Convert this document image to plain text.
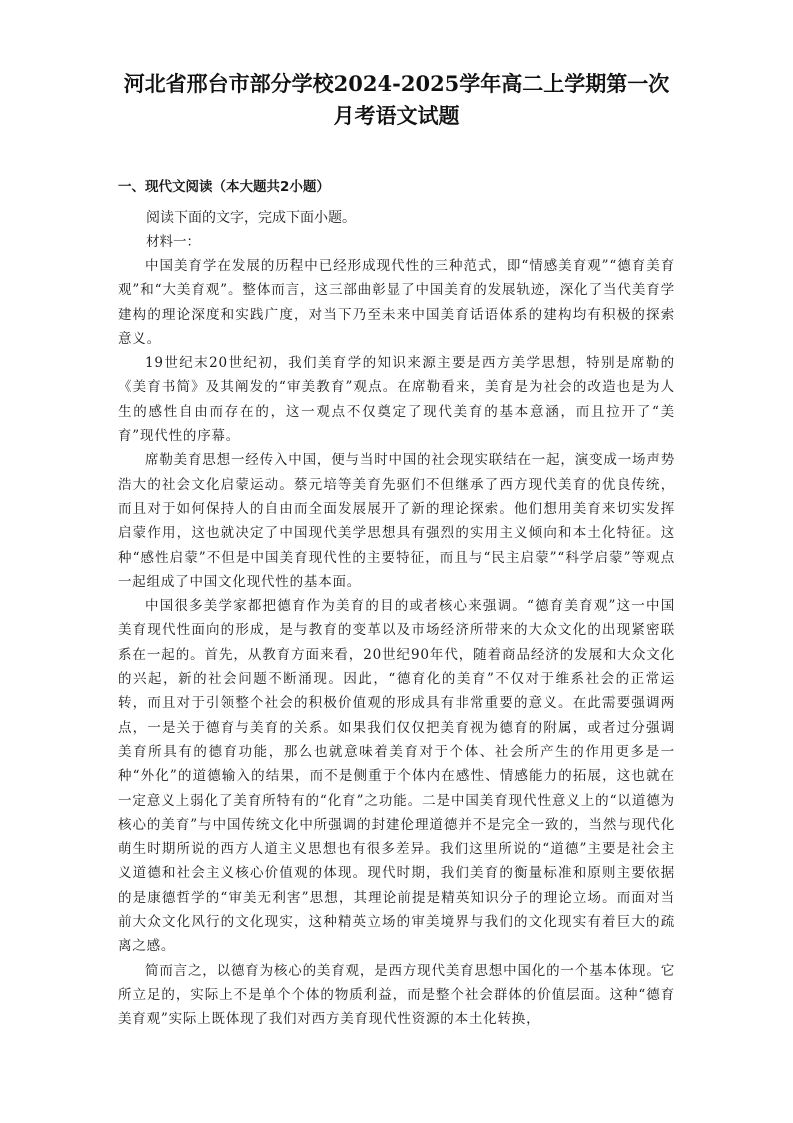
河北省邢台市部分学校2024-2025学年高二上学期第一次
月考语文试题
一、现代文阅读（本大题共2小题）

阅读下面的文字，完成下面小题。

材料一：

中国美育学在发展的历程中已经形成现代性的三种范式，即“情感美育观”“德育美育观”和“大美育观”。整体而言，这三部曲彰显了中国美育的发展轨迹，深化了当代美育学建构的理论深度和实践广度，对当下乃至未来中国美育话语体系的建构均有积极的探索意义。

19世纪末20世纪初，我们美育学的知识来源主要是西方美学思想，特别是席勒的《美育书简》及其阐发的“审美教育”观点。在席勒看来，美育是为社会的改造也是为人生的感性自由而存在的，这一观点不仅奠定了现代美育的基本意涵，而且拉开了“美育”现代性的序幕。

席勒美育思想一经传入中国，便与当时中国的社会现实联结在一起，演变成一场声势浩大的社会文化启蒙运动。蔡元培等美育先驱们不但继承了西方现代美育的优良传统，而且对于如何保持人的自由而全面发展展开了新的理论探索。他们想用美育来切实发挥启蒙作用，这也就决定了中国现代美学思想具有强烈的实用主义倾向和本土化特征。这种“感性启蒙”不但是中国美育现代性的主要特征，而且与“民主启蒙”“科学启蒙”等观点一起组成了中国文化现代性的基本面。

中国很多美学家都把德育作为美育的目的或者核心来强调。“德育美育观”这一中国美育现代性面向的形成，是与教育的变革以及市场经济所带来的大众文化的出现紧密联系在一起的。首先，从教育方面来看，20世纪90年代，随着商品经济的发展和大众文化的兴起，新的社会问题不断涌现。因此，“德育化的美育”不仅对于维系社会的正常运转，而且对于引领整个社会的积极价值观的形成具有非常重要的意义。在此需要强调两点，一是关于德育与美育的关系。如果我们仅仅把美育视为德育的附属，或者过分强调美育所具有的德育功能，那么也就意味着美育对于个体、社会所产生的作用更多是一种“外化”的道德输入的结果，而不是侧重于个体内在感性、情感能力的拓展，这也就在一定意义上弱化了美育所特有的“化育”之功能。二是中国美育现代性意义上的“以道德为核心的美育”与中国传统文化中所强调的封建伦理道德并不是完全一致的，当然与现代化萌生时期所说的西方人道主义思想也有很多差异。我们这里所说的“道德”主要是社会主义道德和社会主义核心价值观的体现。现代时期，我们美育的衡量标准和原则主要依据的是康德哲学的“审美无利害”思想，其理论前提是精英知识分子的理论立场。而面对当前大众文化风行的文化现实，这种精英立场的审美境界与我们的文化现实有着巨大的疏离之感。

简而言之，以德育为核心的美育观，是西方现代美育思想中国化的一个基本体现。它所立足的，实际上不是单个个体的物质利益，而是整个社会群体的价值层面。这种“德育美育观”实际上既体现了我们对西方美育现代性资源的本土化转换，
